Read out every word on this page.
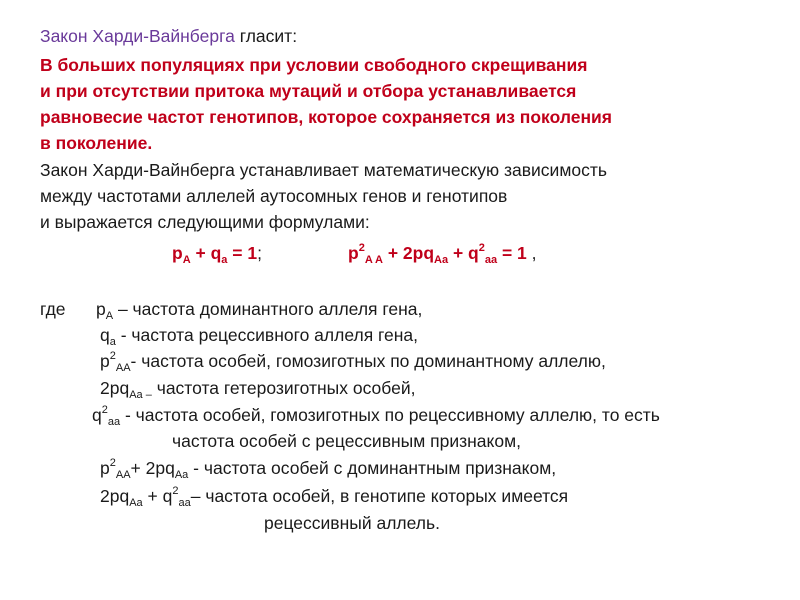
Закон Харди-Вайнберга гласит:
В больших популяциях при условии свободного скрещивания
и при отсутствии притока мутаций и отбора устанавливается
равновесие частот генотипов, которое сохраняется из поколения
в поколение.
Закон Харди-Вайнберга устанавливает математическую зависимость
между частотами аллелей аутосомных генов и генотипов
и выражается следующими формулами:
$p_A + q_a = 1$;	$p^2_{A A} + 2pq_{Aa} + q^2_{aa} = 1$ ,
где $p_A$ – частота доминантного аллеля гена,
$q_a$ - частота рецессивного аллеля гена,
$p^2_{AA}-$ частота особей, гомозиготных по доминантному аллелю,
$2pq_{Aa -}$ частота гетерозиготных особей,
$q^2_{aa}$ - частота особей, гомозиготных по рецессивному аллелю, то есть
частота особей с рецессивным признаком,
$p^2_{AA}+ 2pq_{Aa}$ - частота особей с доминантным признаком,
$2pq_{Aa} + q^2_{aa}-$ частота особей, в генотипе которых имеется
рецессивный аллель.
